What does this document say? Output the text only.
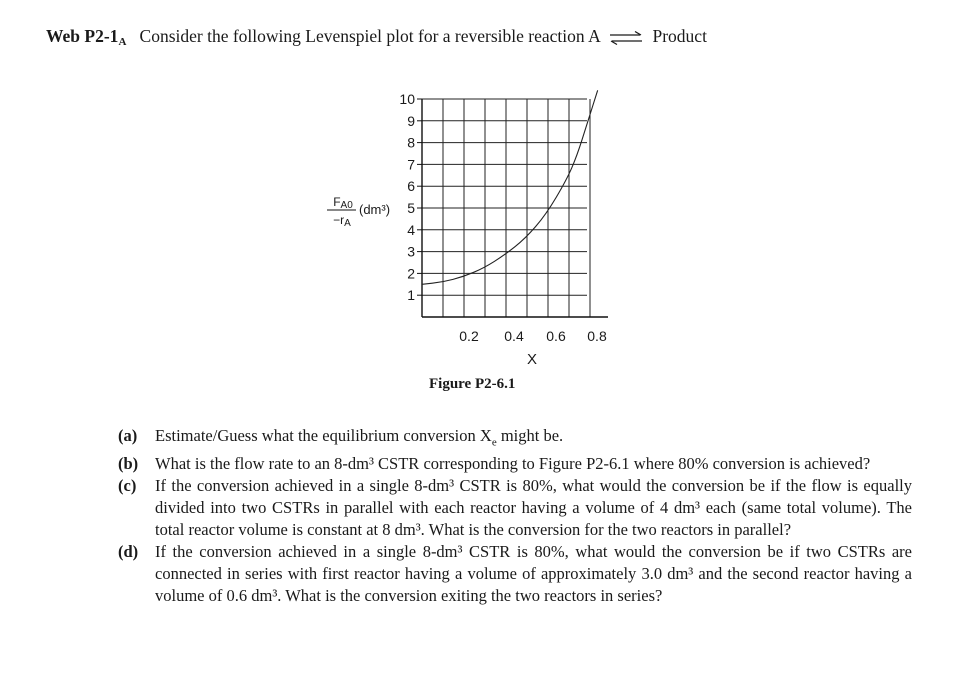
Web $P2-1_A$ Consider the following Levenspiel plot for a reversible reaction A ⇌ Product
1
2
3
4
5
6
7
8
9
10
0.2 0.4 0.6 0.8
X
FA0
−rA
(dm³)
Figure P2-6.1
(a)	Estimate/Guess what the equilibrium conversion $X_e$ might be.
(b)	What is the flow rate to an 8-dm³ CSTR corresponding to Figure P2-6.1 where 80% conversion is achieved?
(c)	If the conversion achieved in a single 8-dm³ CSTR is 80%, what would the conversion be if the flow is equally divided into two CSTRs in parallel with each reactor having a volume of 4 dm³ each (same total volume). The total reactor volume is constant at 8 dm³. What is the conversion for the two reactors in parallel?
(d)	If the conversion achieved in a single 8-dm³ CSTR is 80%, what would the conversion be if two CSTRs are connected in series with first reactor having a volume of approximately 3.0 dm³ and the second reactor having a volume of 0.6 dm³. What is the conversion exiting the two reactors in series?
